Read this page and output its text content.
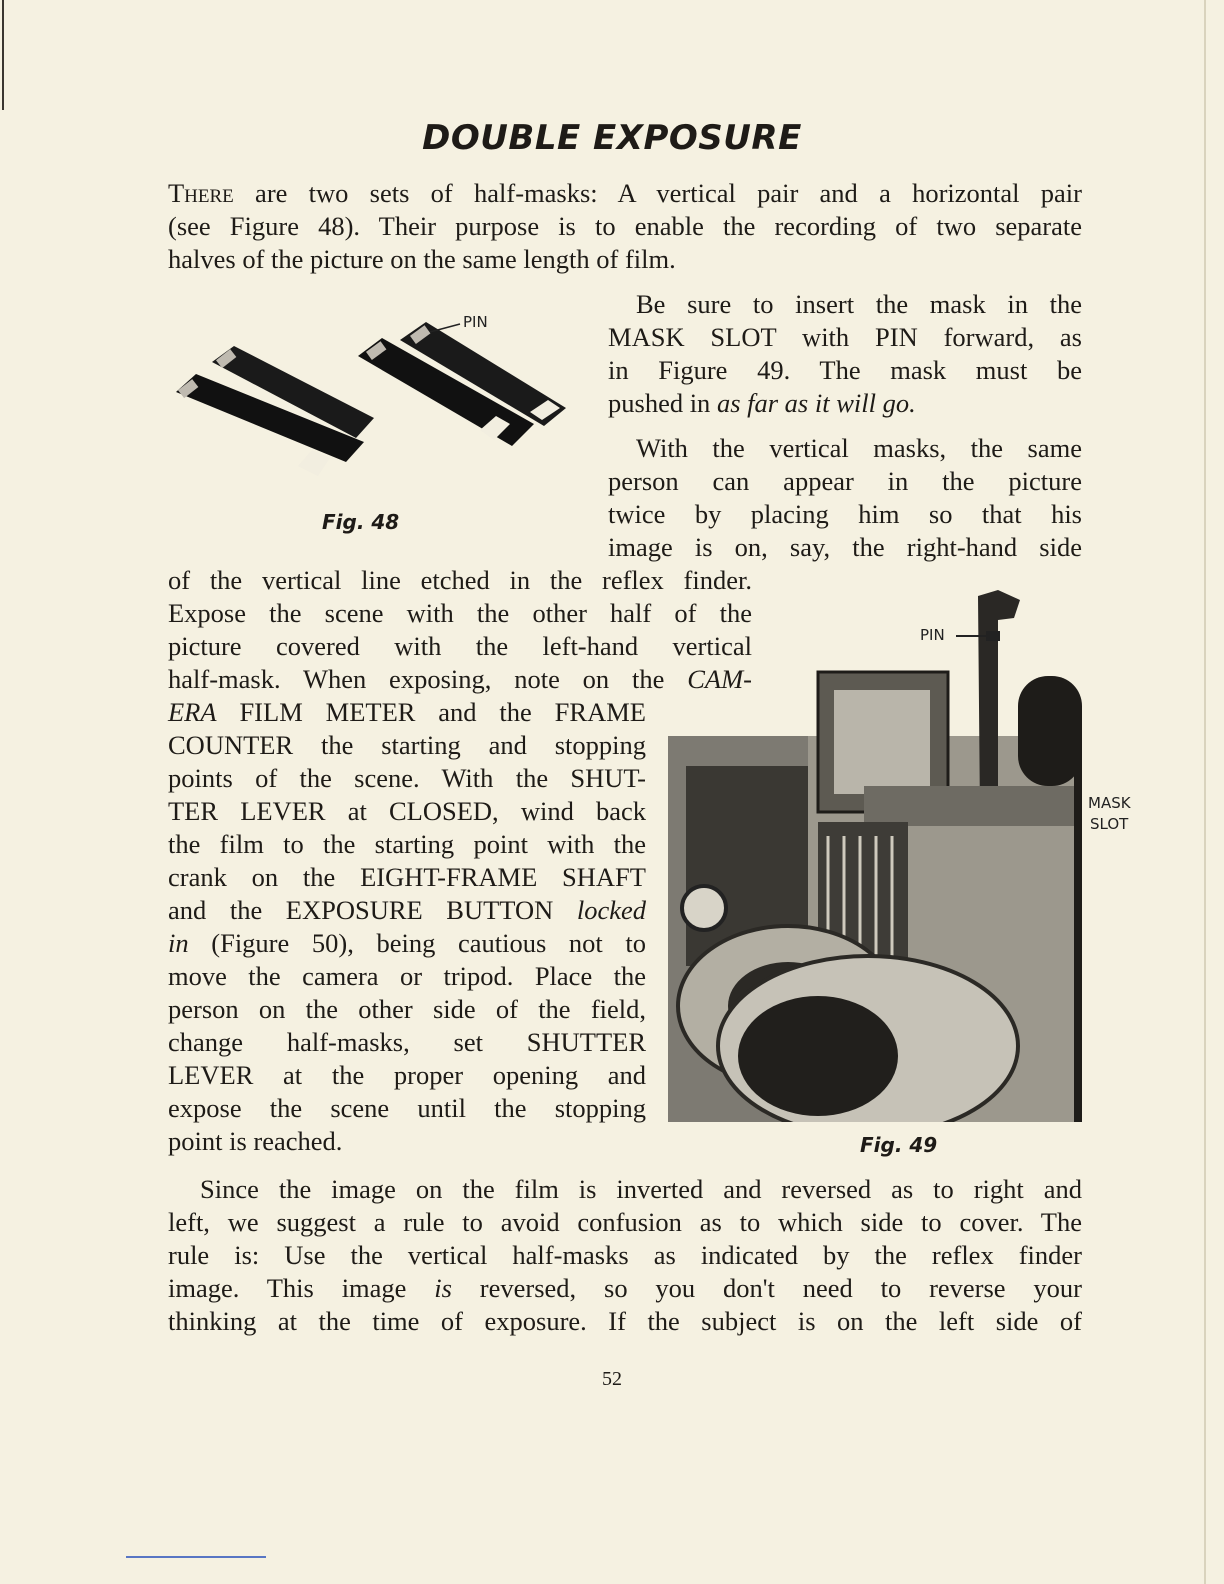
DOUBLE EXPOSURE

There are two sets of half-masks: A vertical pair and a horizontal pair
(see Figure 48). Their purpose is to enable the recording of two separate
halves of the picture on the same length of film.

Be sure to insert the mask in the
MASK SLOT with PIN forward, as
in Figure 49. The mask must be
pushed in as far as it will go.

With the vertical masks, the same
person can appear in the picture
twice by placing him so that his
image is on, say, the right-hand side

of the vertical line etched in the reflex finder.
Expose the scene with the other half of the
picture covered with the left-hand vertical
half-mask. When exposing, note on the CAM-

ERA FILM METER and the FRAME
COUNTER the starting and stopping
points of the scene. With the SHUT-
TER LEVER at CLOSED, wind back
the film to the starting point with the
crank on the EIGHT-FRAME SHAFT
and the EXPOSURE BUTTON locked
in (Figure 50), being cautious not to
move the camera or tripod. Place the
person on the other side of the field,
change half-masks, set SHUTTER
LEVER at the proper opening and
expose the scene until the stopping
point is reached.

Since the image on the film is inverted and reversed as to right and
left, we suggest a rule to avoid confusion as to which side to cover. The
rule is: Use the vertical half-masks as indicated by the reflex finder
image. This image is reversed, so you don't need to reverse your
thinking at the time of exposure. If the subject is on the left side of

PIN

Fig. 48

PIN

MASK

SLOT

Fig. 49

52
